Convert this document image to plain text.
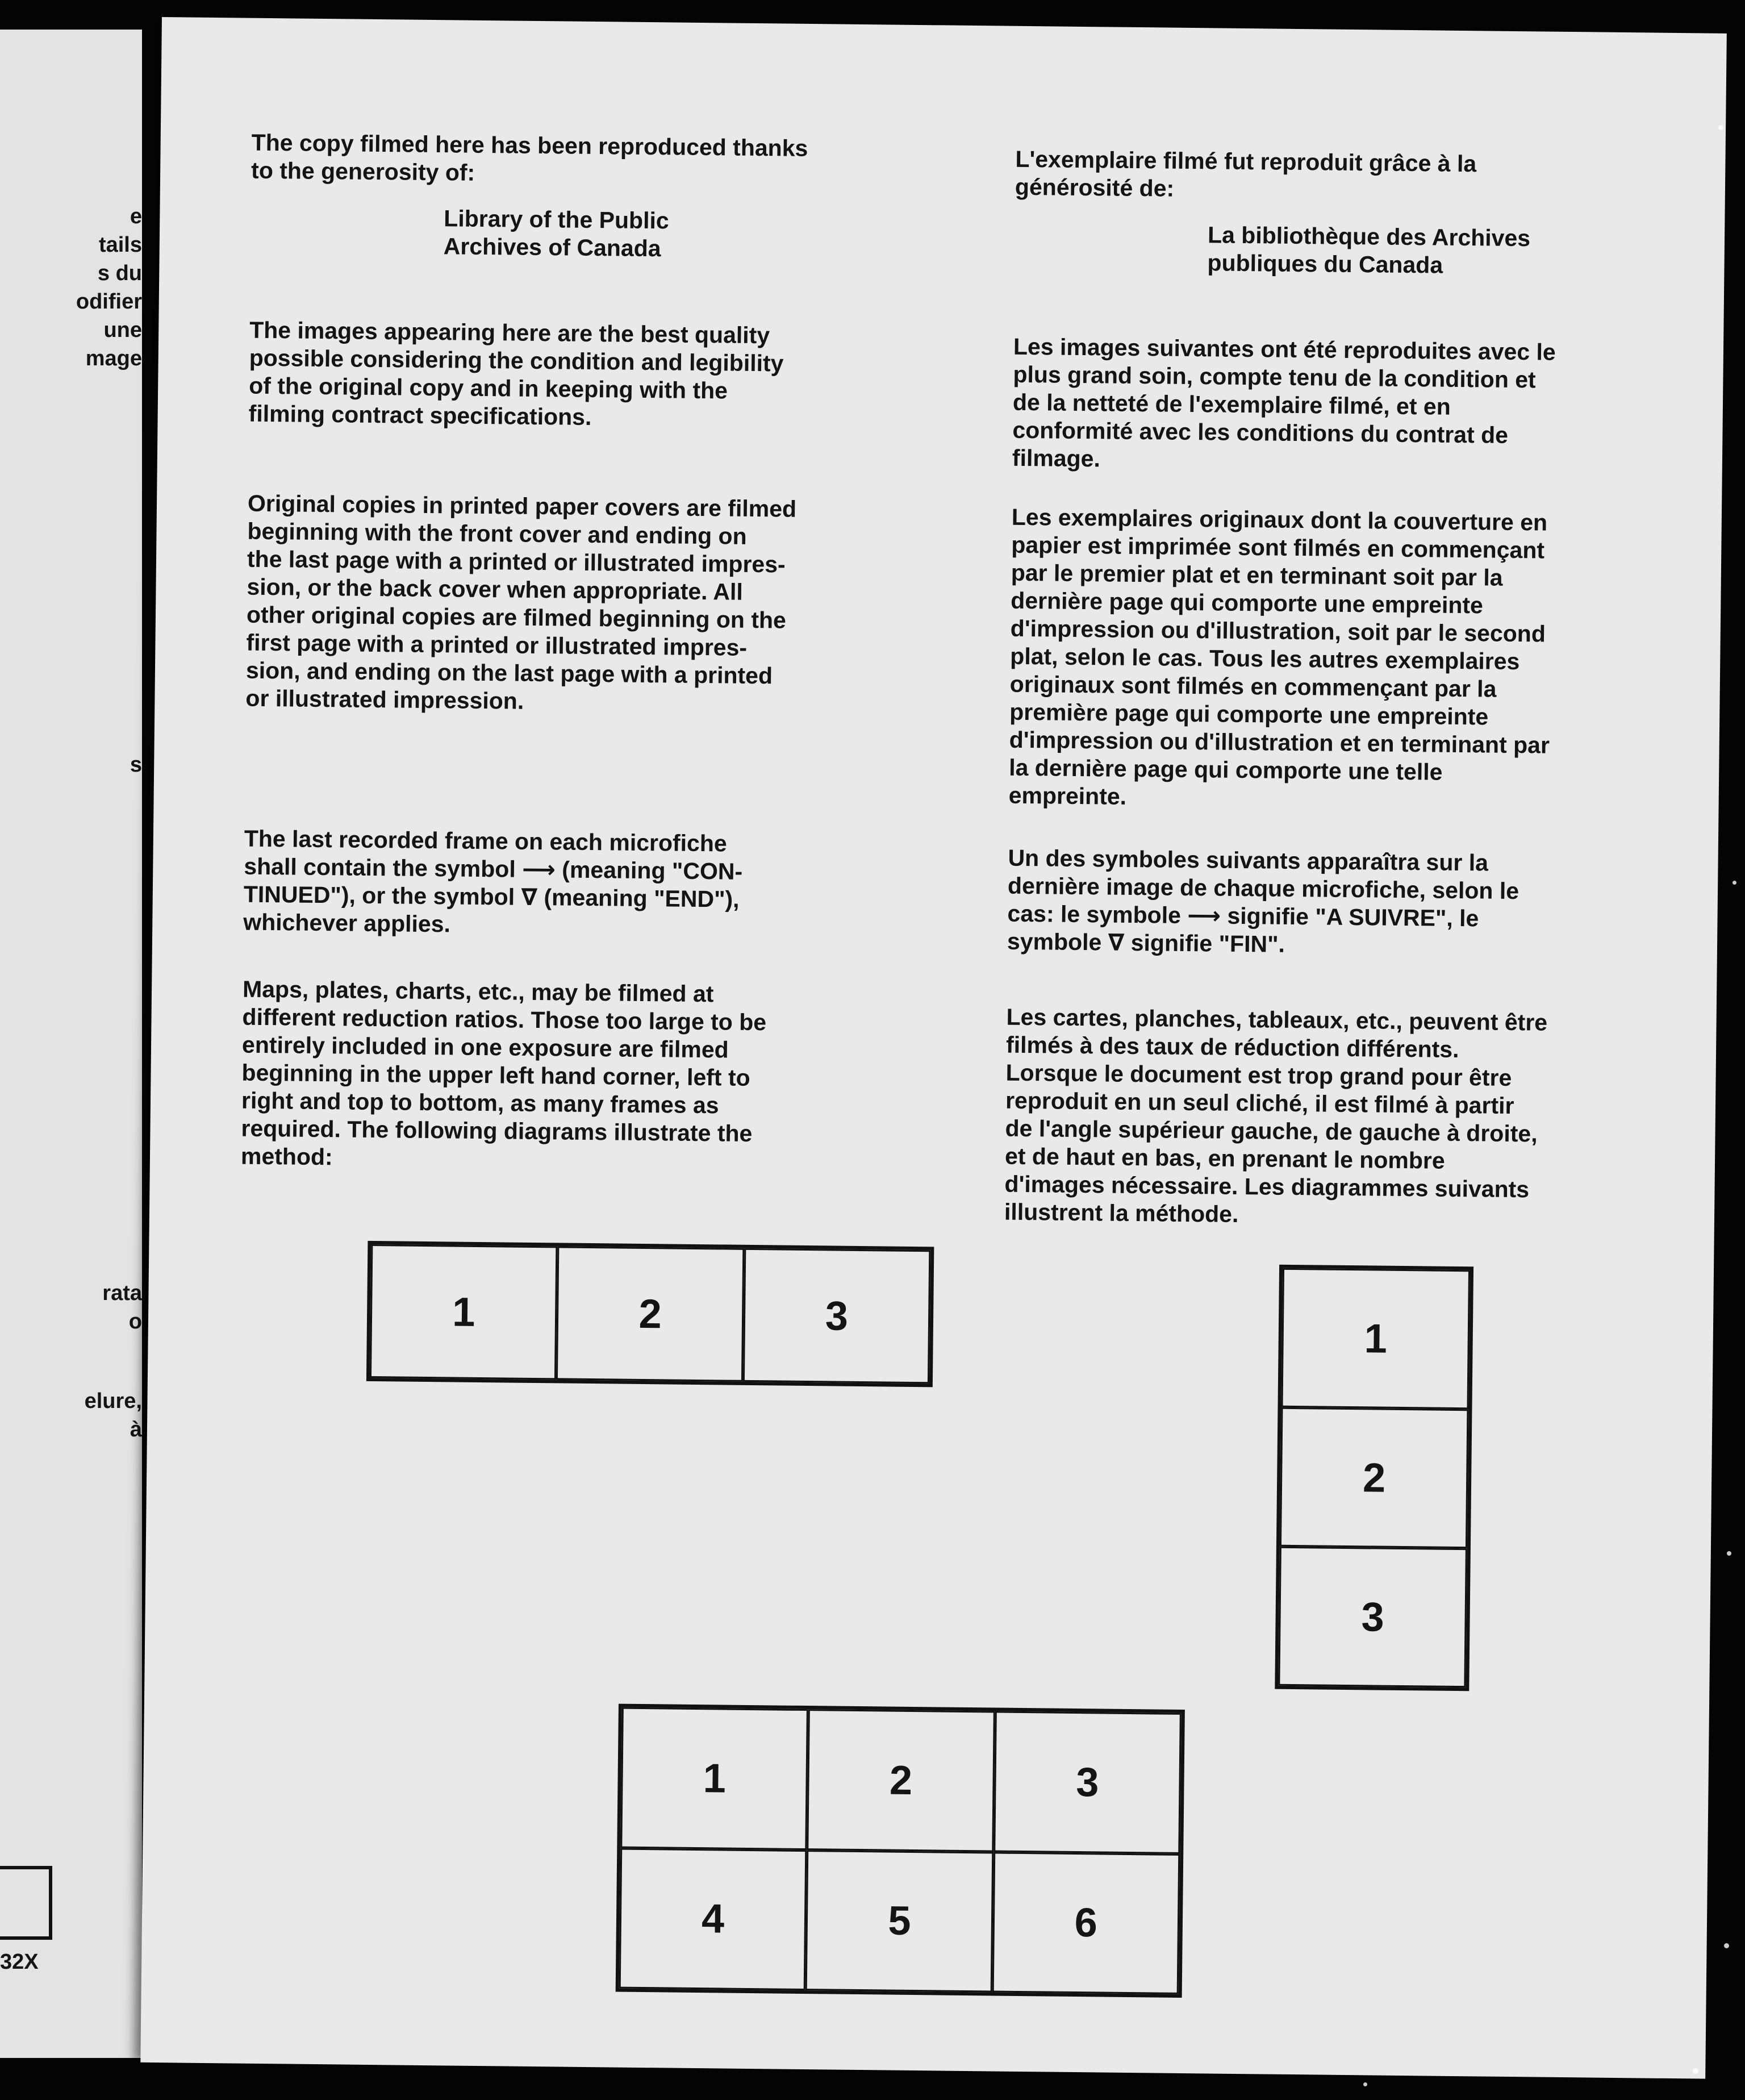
e
tails
s du
odifier
une
mage
s
rata
o
elure,
à
32X

The copy filmed here has been reproduced thanks
to the generosity of:

Library of the Public
Archives of Canada

The images appearing here are the best quality
possible considering the condition and legibility
of the original copy and in keeping with the
filming contract specifications.

Original copies in printed paper covers are filmed
beginning with the front cover and ending on
the last page with a printed or illustrated impres-
sion, or the back cover when appropriate. All
other original copies are filmed beginning on the
first page with a printed or illustrated impres-
sion, and ending on the last page with a printed
or illustrated impression.

The last recorded frame on each microfiche
shall contain the symbol ⟶ (meaning "CON-
TINUED"), or the symbol ∇ (meaning "END"),
whichever applies.

Maps, plates, charts, etc., may be filmed at
different reduction ratios. Those too large to be
entirely included in one exposure are filmed
beginning in the upper left hand corner, left to
right and top to bottom, as many frames as
required. The following diagrams illustrate the
method:

L'exemplaire filmé fut reproduit grâce à la
générosité de:

La bibliothèque des Archives
publiques du Canada

Les images suivantes ont été reproduites avec le
plus grand soin, compte tenu de la condition et
de la netteté de l'exemplaire filmé, et en
conformité avec les conditions du contrat de
filmage.

Les exemplaires originaux dont la couverture en
papier est imprimée sont filmés en commençant
par le premier plat et en terminant soit par la
dernière page qui comporte une empreinte
d'impression ou d'illustration, soit par le second
plat, selon le cas. Tous les autres exemplaires
originaux sont filmés en commençant par la
première page qui comporte une empreinte
d'impression ou d'illustration et en terminant par
la dernière page qui comporte une telle
empreinte.

Un des symboles suivants apparaîtra sur la
dernière image de chaque microfiche, selon le
cas: le symbole ⟶ signifie "A SUIVRE", le
symbole ∇ signifie "FIN".

Les cartes, planches, tableaux, etc., peuvent être
filmés à des taux de réduction différents.
Lorsque le document est trop grand pour être
reproduit en un seul cliché, il est filmé à partir
de l'angle supérieur gauche, de gauche à droite,
et de haut en bas, en prenant le nombre
d'images nécessaire. Les diagrammes suivants
illustrent la méthode.

1	2	3	1
2
3
1	2	3
4	5	6
